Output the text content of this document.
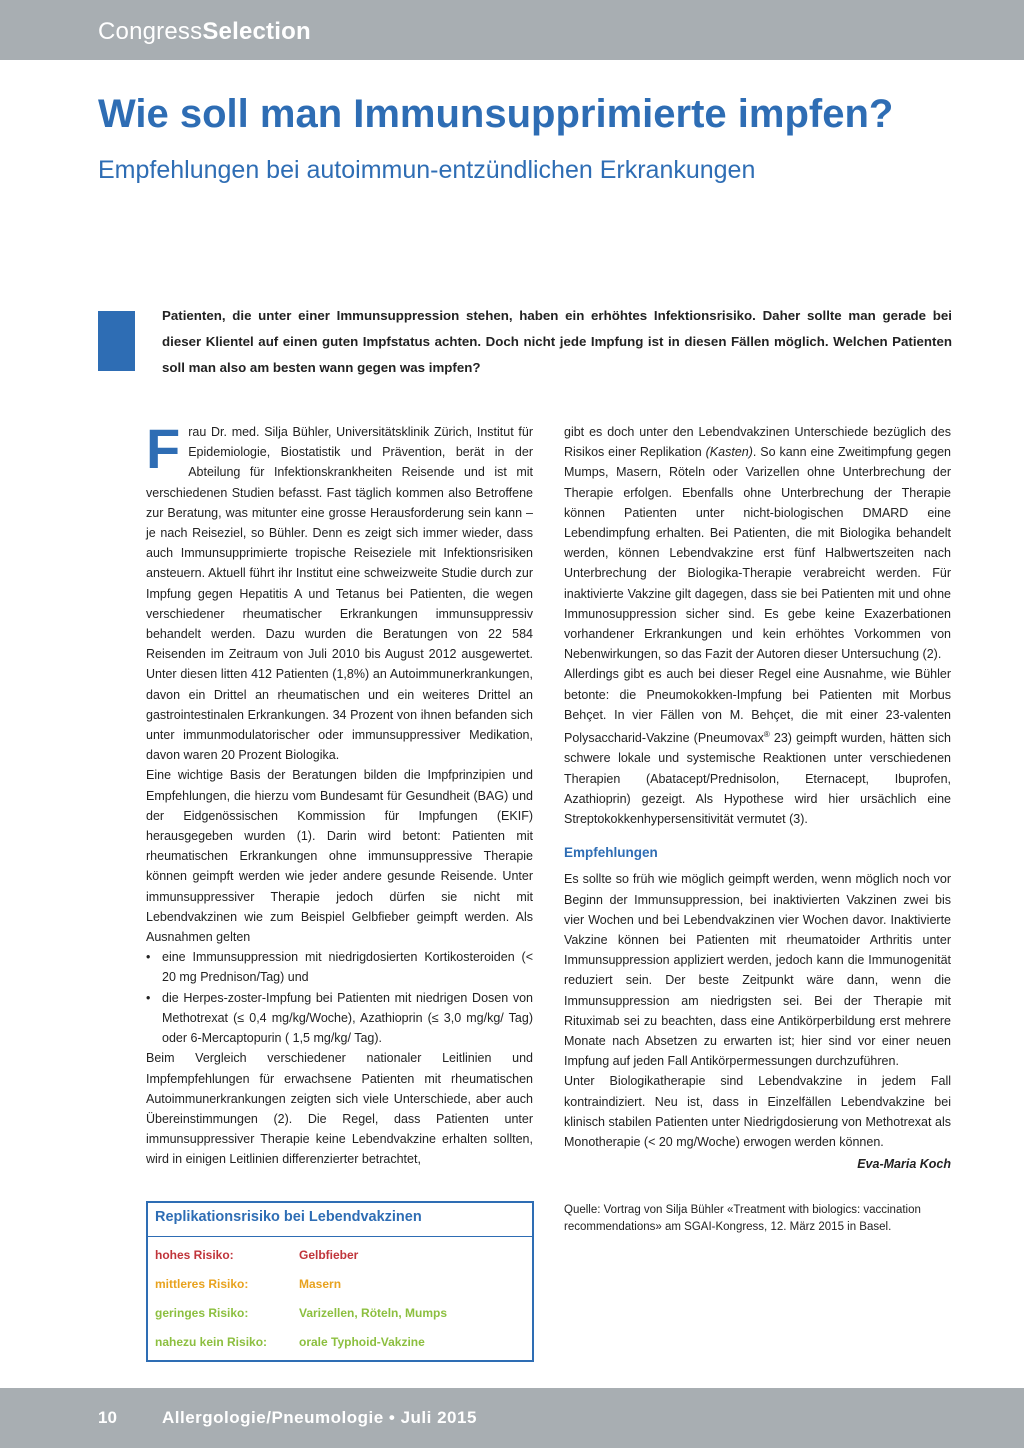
CongressSelection
Wie soll man Immunsupprimierte impfen?
Empfehlungen bei autoimmun-entzündlichen Erkrankungen
Patienten, die unter einer Immunsuppression stehen, haben ein erhöhtes Infektionsrisiko. Daher sollte man gerade bei dieser Klientel auf einen guten Impfstatus achten. Doch nicht jede Impfung ist in diesen Fällen möglich. Welchen Patienten soll man also am besten wann gegen was impfen?

Frau Dr. med. Silja Bühler, Universitätsklinik Zürich, Institut für Epidemiologie, Biostatistik und Prävention, berät in der Abteilung für Infektionskrankheiten Reisende und ist mit verschiedenen Studien befasst. Fast täglich kommen also Betroffene zur Beratung, was mitunter eine grosse Herausforderung sein kann – je nach Reiseziel, so Bühler. Denn es zeigt sich immer wieder, dass auch Immunsupprimierte tropische Reiseziele mit Infektionsrisiken ansteuern. Aktuell führt ihr Institut eine schweizweite Studie durch zur Impfung gegen Hepatitis A und Tetanus bei Patienten, die wegen verschiedener rheumatischer Erkrankungen immunsuppressiv behandelt werden. Dazu wurden die Beratungen von 22 584 Reisenden im Zeitraum von Juli 2010 bis August 2012 ausgewertet. Unter diesen litten 412 Patienten (1,8%) an Autoimmunerkrankungen, davon ein Drittel an rheumatischen und ein weiteres Drittel an gastrointestinalen Erkrankungen. 34 Prozent von ihnen befanden sich unter immunmodulatorischer oder immunsuppressiver Medikation, davon waren 20 Prozent Biologika.

Eine wichtige Basis der Beratungen bilden die Impfprinzipien und Empfehlungen, die hierzu vom Bundesamt für Gesundheit (BAG) und der Eidgenössischen Kommission für Impfungen (EKIF) herausgegeben wurden (1). Darin wird betont: Patienten mit rheumatischen Erkrankungen ohne immunsuppressive Therapie können geimpft werden wie jeder andere gesunde Reisende. Unter immunsuppressiver Therapie jedoch dürfen sie nicht mit Lebendvakzinen wie zum Beispiel Gelbfieber geimpft werden. Als Ausnahmen gelten

• eine Immunsuppression mit niedrigdosierten Kortikosteroiden (< 20 mg Prednison/Tag) und

• die Herpes-zoster-Impfung bei Patienten mit niedrigen Dosen von Methotrexat (≤ 0,4 mg/kg/Woche), Azathioprin (≤ 3,0 mg/kg/ Tag) oder 6-Mercaptopurin ( 1,5 mg/kg/ Tag).

Beim Vergleich verschiedener nationaler Leitlinien und Impfempfehlungen für erwachsene Patienten mit rheumatischen Autoimmunerkrankungen zeigten sich viele Unterschiede, aber auch Übereinstimmungen (2). Die Regel, dass Patienten unter immunsuppressiver Therapie keine Lebendvakzine erhalten sollten, wird in einigen Leitlinien differenzierter betrachtet,

Replikationsrisiko bei Lebendvakzinen
hohes Risiko:	Gelbfieber
mittleres Risiko:	Masern
geringes Risiko:	Varizellen, Röteln, Mumps
nahezu kein Risiko:	orale Typhoid-Vakzine

gibt es doch unter den Lebendvakzinen Unterschiede bezüglich des Risikos einer Replikation (Kasten). So kann eine Zweitimpfung gegen Mumps, Masern, Röteln oder Varizellen ohne Unterbrechung der Therapie erfolgen. Ebenfalls ohne Unterbrechung der Therapie können Patienten unter nicht-biologischen DMARD eine Lebendimpfung erhalten. Bei Patienten, die mit Biologika behandelt werden, können Lebendvakzine erst fünf Halbwertszeiten nach Unterbrechung der Biologika-Therapie verabreicht werden. Für inaktivierte Vakzine gilt dagegen, dass sie bei Patienten mit und ohne Immunosuppression sicher sind. Es gebe keine Exazerbationen vorhandener Erkrankungen und kein erhöhtes Vorkommen von Nebenwirkungen, so das Fazit der Autoren dieser Untersuchung (2).

Allerdings gibt es auch bei dieser Regel eine Ausnahme, wie Bühler betonte: die Pneumokokken-Impfung bei Patienten mit Morbus Behçet. In vier Fällen von M. Behçet, die mit einer 23-valenten Polysaccharid-Vakzine (Pneumovax® 23) geimpft wurden, hätten sich schwere lokale und systemische Reaktionen unter verschiedenen Therapien (Abatacept/Prednisolon, Eternacept, Ibuprofen, Azathioprin) gezeigt. Als Hypothese wird hier ursächlich eine Streptokokkenhypersensitivität vermutet (3).

Empfehlungen

Es sollte so früh wie möglich geimpft werden, wenn möglich noch vor Beginn der Immunsuppression, bei inaktivierten Vakzinen zwei bis vier Wochen und bei Lebendvakzinen vier Wochen davor. Inaktivierte Vakzine können bei Patienten mit rheumatoider Arthritis unter Immunsuppression appliziert werden, jedoch kann die Immunogenität reduziert sein. Der beste Zeitpunkt wäre dann, wenn die Immunsuppression am niedrigsten sei. Bei der Therapie mit Rituximab sei zu beachten, dass eine Antikörperbildung erst mehrere Monate nach Absetzen zu erwarten ist; hier sind vor einer neuen Impfung auf jeden Fall Antikörpermessungen durchzuführen.

Unter Biologikatherapie sind Lebendvakzine in jedem Fall kontraindiziert. Neu ist, dass in Einzelfällen Lebendvakzine bei klinisch stabilen Patienten unter Niedrigdosierung von Methotrexat als Monotherapie (< 20 mg/Woche) erwogen werden können.

Eva-Maria Koch

Quelle: Vortrag von Silja Bühler «Treatment with biologics: vaccination recommendations» am SGAI-Kongress, 12. März 2015 in Basel.

10	Allergologie/Pneumologie • Juli 2015
